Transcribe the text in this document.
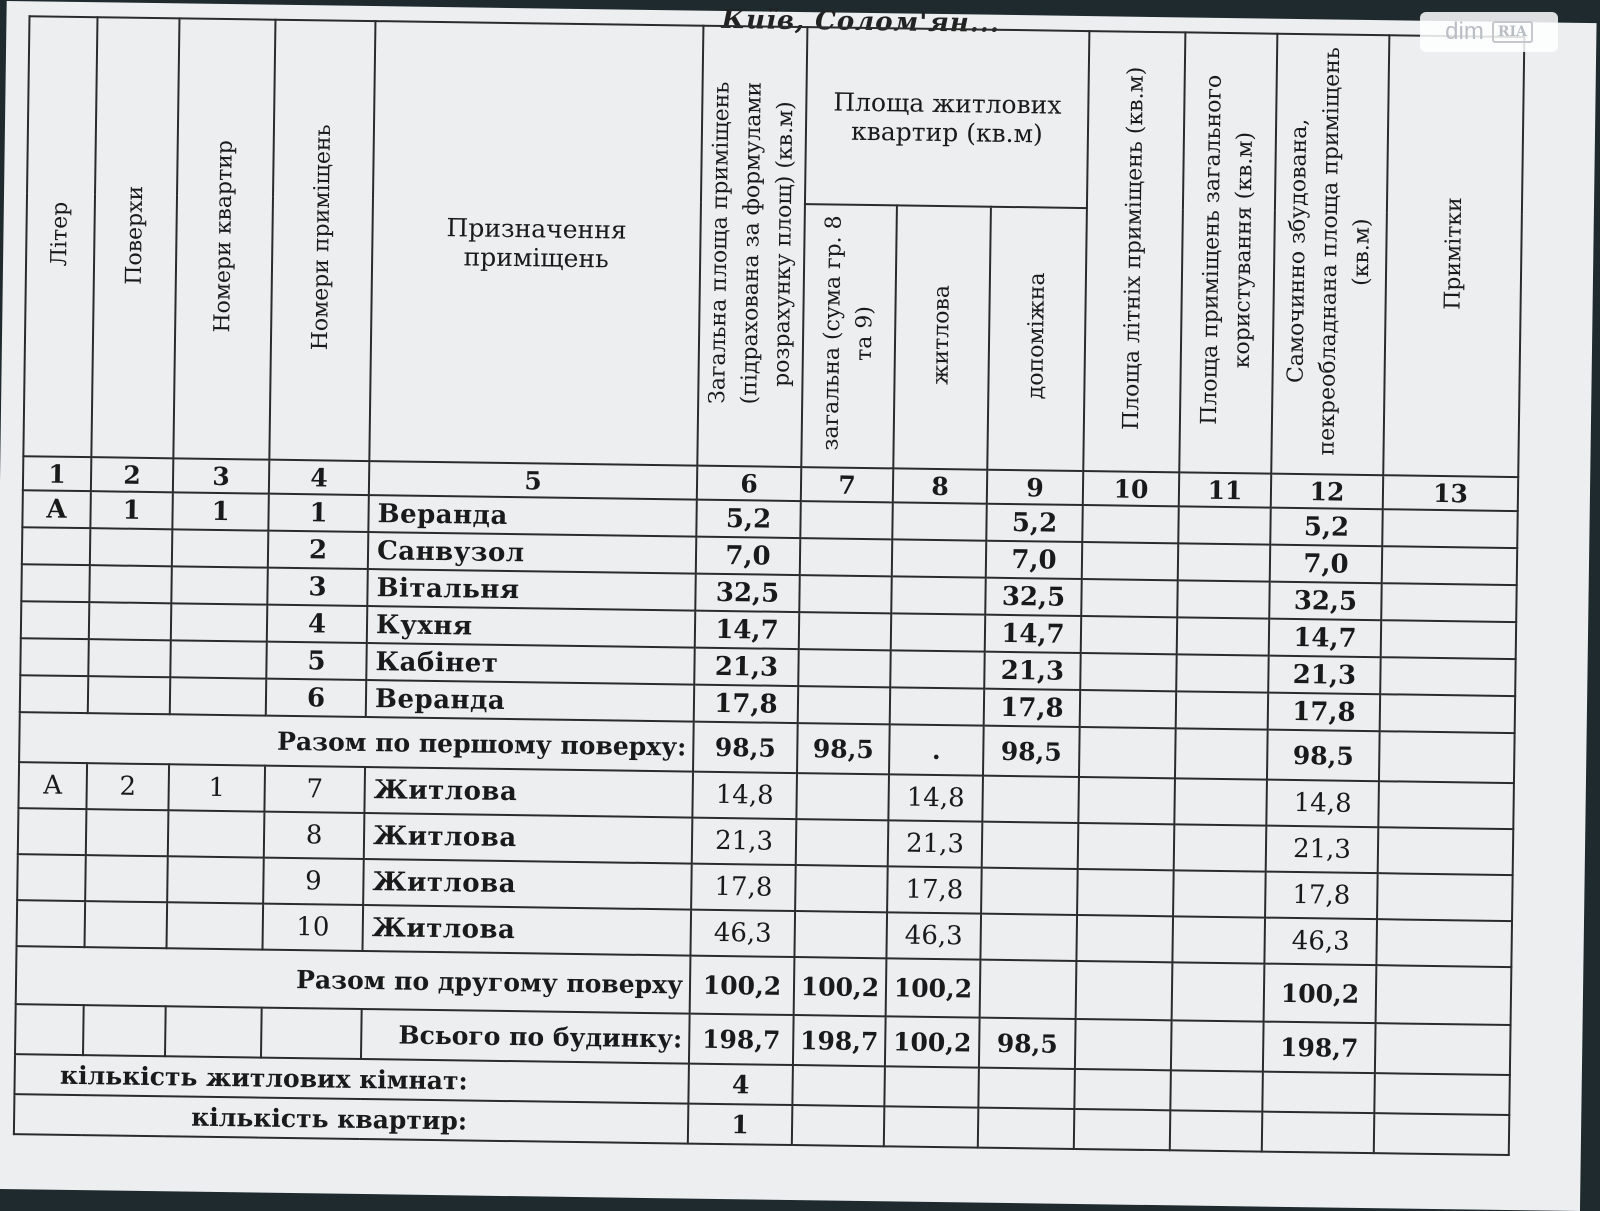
Київ, Солом'ян...
Літер	Поверхи	Номери квартир	Номери приміщень	Призначення приміщень	Загальна площа приміщень (підрахована за формулами розрахунку площ) (кв.м)	Площа житлових квартир (кв.м)			Площа літніх приміщень (кв.м)	Площа приміщень загального користування (кв.м)	Самочинно збудована, пекреобладнана площа приміщень (кв.м)	Примітки
						загальна (сума гр. 8 та 9)	житлова	допоміжна				
1	2	3	4	5	6	7	8	9	10	11	12	13
А	1	1	1	Веранда	5,2			5,2			5,2	
			2	Санвузол	7,0			7,0			7,0	
			3	Вітальня	32,5			32,5			32,5	
			4	Кухня	14,7			14,7			14,7	
			5	Кабінет	21,3			21,3			21,3	
			6	Веранда	17,8			17,8			17,8	
Разом по першому поверху:					98,5	98,5	.	98,5			98,5	
А	2	1	7	Житлова	14,8		14,8				14,8	
			8	Житлова	21,3		21,3				21,3	
			9	Житлова	17,8		17,8				17,8	
			10	Житлова	46,3		46,3				46,3	
Разом по другому поверху					100,2	100,2	100,2				100,2	
				Всього по будинку:	198,7	198,7	100,2	98,5			198,7	
кількість житлових кімнат:					4							
кількість квартир:					1							
dim	RIA
